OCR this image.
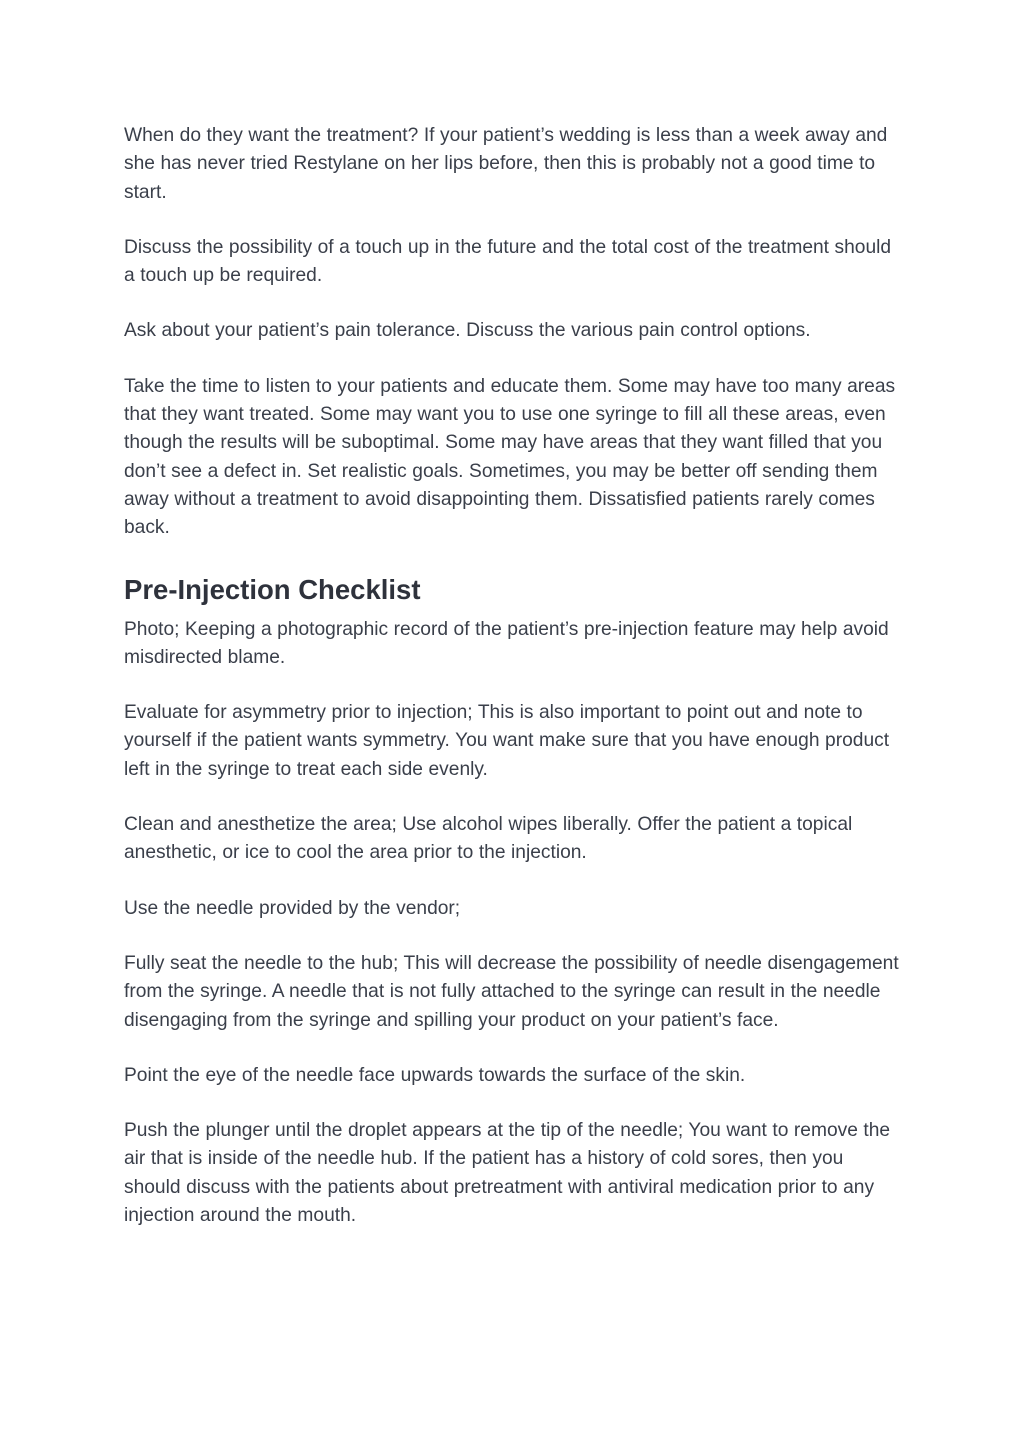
When do they want the treatment? If your patient’s wedding is less than a week away and she has never tried Restylane on her lips before, then this is probably not a good time to start.

Discuss the possibility of a touch up in the future and the total cost of the treatment should a touch up be required.

Ask about your patient’s pain tolerance. Discuss the various pain control options.

Take the time to listen to your patients and educate them. Some may have too many areas that they want treated. Some may want you to use one syringe to fill all these areas, even though the results will be suboptimal. Some may have areas that they want filled that you don’t see a defect in. Set realistic goals. Sometimes, you may be better off sending them away without a treatment to avoid disappointing them. Dissatisfied patients rarely comes back.

Pre-Injection Checklist

Photo; Keeping a photographic record of the patient’s pre-injection feature may help avoid misdirected blame.

Evaluate for asymmetry prior to injection; This is also important to point out and note to yourself if the patient wants symmetry. You want make sure that you have enough product left in the syringe to treat each side evenly.

Clean and anesthetize the area; Use alcohol wipes liberally. Offer the patient a topical anesthetic, or ice to cool the area prior to the injection.

Use the needle provided by the vendor;

Fully seat the needle to the hub; This will decrease the possibility of needle disengagement from the syringe. A needle that is not fully attached to the syringe can result in the needle disengaging from the syringe and spilling your product on your patient’s face.

Point the eye of the needle face upwards towards the surface of the skin.

Push the plunger until the droplet appears at the tip of the needle; You want to remove the air that is inside of the needle hub. If the patient has a history of cold sores, then you should discuss with the patients about pretreatment with antiviral medication prior to any injection around the mouth.
